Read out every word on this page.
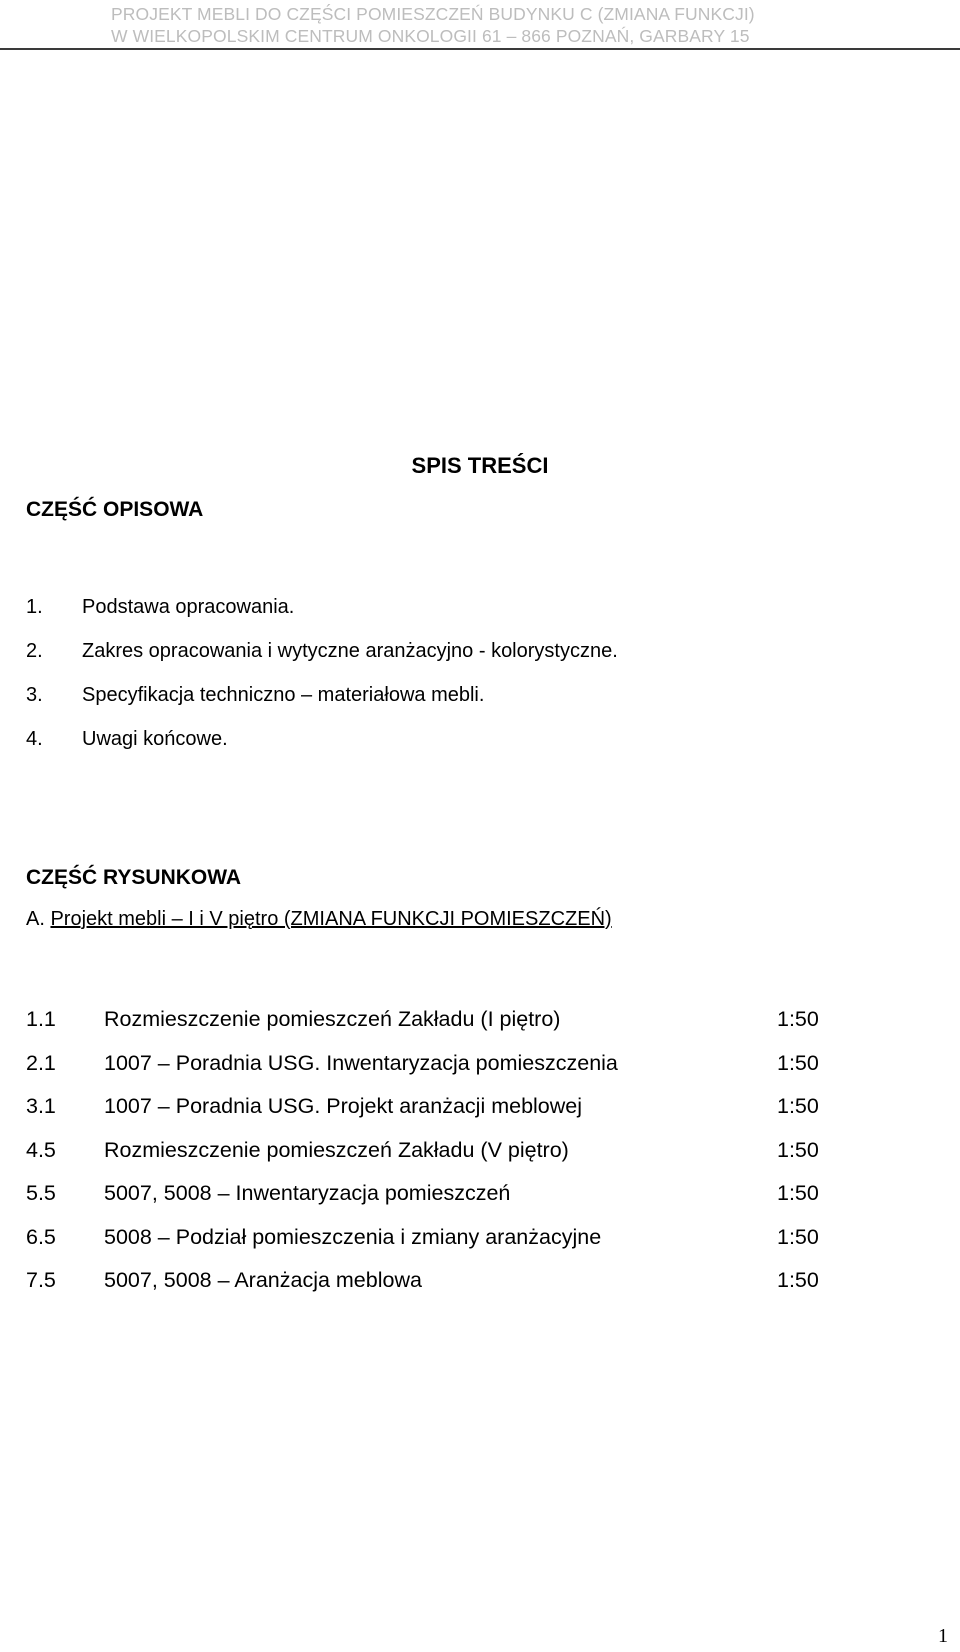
PROJEKT MEBLI DO CZĘŚCI POMIESZCZEŃ BUDYNKU C (ZMIANA FUNKCJI)
W WIELKOPOLSKIM CENTRUM ONKOLOGII 61 – 866 POZNAŃ, GARBARY 15
SPIS TREŚCI
CZĘŚĆ OPISOWA
1. Podstawa opracowania.
2. Zakres opracowania i wytyczne aranżacyjno - kolorystyczne.
3. Specyfikacja techniczno – materiałowa mebli.
4. Uwagi końcowe.
CZĘŚĆ RYSUNKOWA
A. Projekt mebli – I i V piętro (ZMIANA FUNKCJI POMIESZCZEŃ)
1.1 Rozmieszczenie pomieszczeń Zakładu (I piętro)	1:50
2.1 1007 – Poradnia USG. Inwentaryzacja pomieszczenia	1:50
3.1 1007 – Poradnia USG. Projekt aranżacji meblowej	1:50
4.5 Rozmieszczenie pomieszczeń Zakładu (V piętro)	1:50
5.5 5007, 5008 – Inwentaryzacja pomieszczeń	1:50
6.5 5008 – Podział pomieszczenia i zmiany aranżacyjne	1:50
7.5 5007, 5008 – Aranżacja meblowa	1:50
1
